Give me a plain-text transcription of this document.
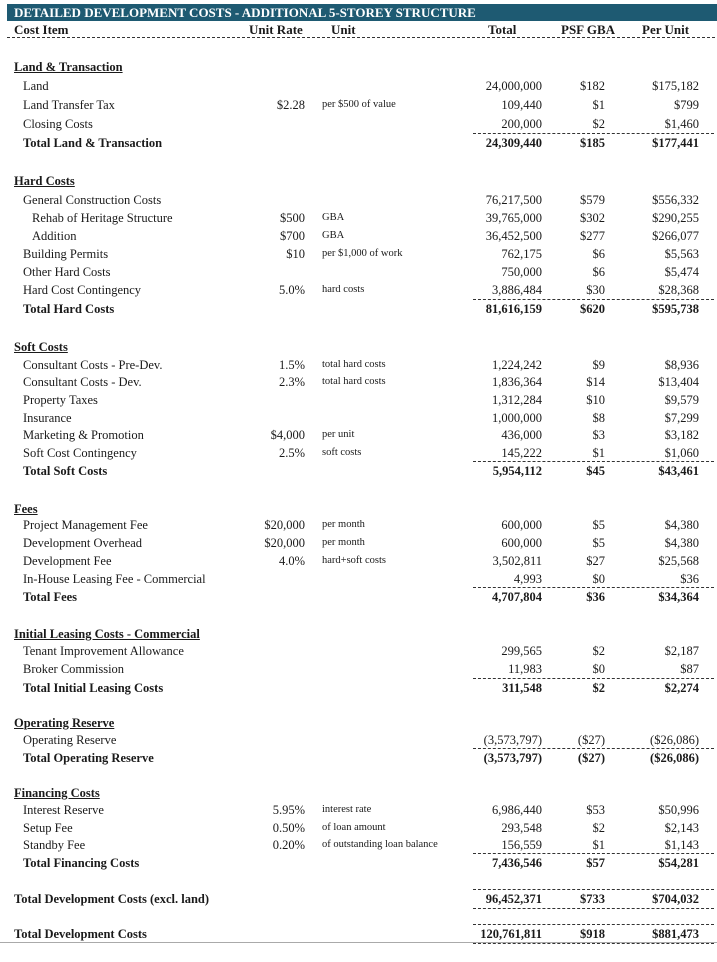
DETAILED DEVELOPMENT COSTS - ADDITIONAL 5-STOREY STRUCTURE
Cost Item	Unit Rate Unit	Total	PSF GBA Per Unit
Land & Transaction
Land	24,000,000	$182	$175,182
Land Transfer Tax	$2.28 per $500 of value	109,440	$1	$799
Closing Costs	200,000	$2	$1,460
Total Land & Transaction	24,309,440	$185	$177,441
Hard Costs
General Construction Costs	76,217,500	$579	$556,332
Rehab of Heritage Structure	$500 GBA	39,765,000	$302	$290,255
Addition	$700 GBA	36,452,500	$277	$266,077
Building Permits	$10 per $1,000 of work	762,175	$6	$5,563
Other Hard Costs	750,000	$6	$5,474
Hard Cost Contingency	5.0% hard costs	3,886,484	$30	$28,368
Total Hard Costs	81,616,159	$620	$595,738
Soft Costs
Consultant Costs - Pre-Dev.	1.5% total hard costs	1,224,242	$9	$8,936
Consultant Costs - Dev.	2.3% total hard costs	1,836,364	$14	$13,404
Property Taxes	1,312,284	$10	$9,579
Insurance	1,000,000	$8	$7,299
Marketing & Promotion	$4,000 per unit	436,000	$3	$3,182
Soft Cost Contingency	2.5% soft costs	145,222	$1	$1,060
Total Soft Costs	5,954,112	$45	$43,461
Fees
Project Management Fee	$20,000 per month	600,000	$5	$4,380
Development Overhead	$20,000 per month	600,000	$5	$4,380
Development Fee	4.0% hard+soft costs	3,502,811	$27	$25,568
In-House Leasing Fee - Commercial	4,993	$0	$36
Total Fees	4,707,804	$36	$34,364
Initial Leasing Costs - Commercial
Tenant Improvement Allowance	299,565	$2	$2,187
Broker Commission	11,983	$0	$87
Total Initial Leasing Costs	311,548	$2	$2,274
Operating Reserve
Operating Reserve	(3,573,797)	($27)	($26,086)
Total Operating Reserve	(3,573,797)	($27)	($26,086)
Financing Costs
Interest Reserve	5.95% interest rate	6,986,440	$53	$50,996
Setup Fee	0.50% of loan amount	293,548	$2	$2,143
Standby Fee	0.20% of outstanding loan balance	156,559	$1	$1,143
Total Financing Costs	7,436,546	$57	$54,281
Total Development Costs (excl. land)	96,452,371	$733	$704,032
Total Development Costs	120,761,811	$918	$881,473
